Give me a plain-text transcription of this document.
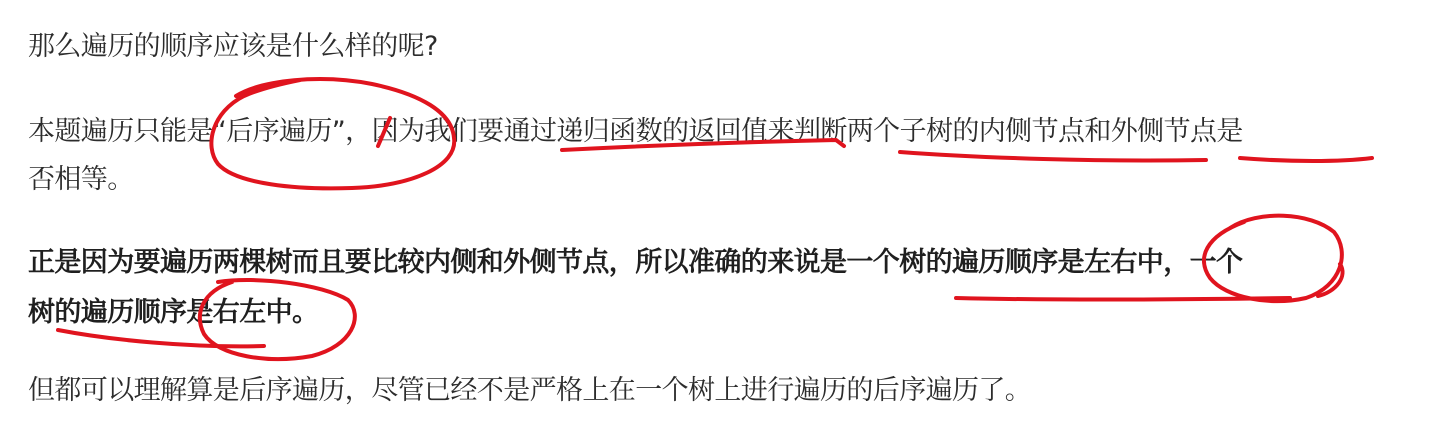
那么遍历的顺序应该是什么样的呢?

本题遍历只能是“后序遍历”，因为我们要通过递归函数的返回值来判断两个子树的内侧节点和外侧节点是

否相等。

正是因为要遍历两棵树而且要比较内侧和外侧节点，所以准确的来说是一个树的遍历顺序是左右中，一个

树的遍历顺序是右左中。

但都可以理解算是后序遍历，尽管已经不是严格上在一个树上进行遍历的后序遍历了。
